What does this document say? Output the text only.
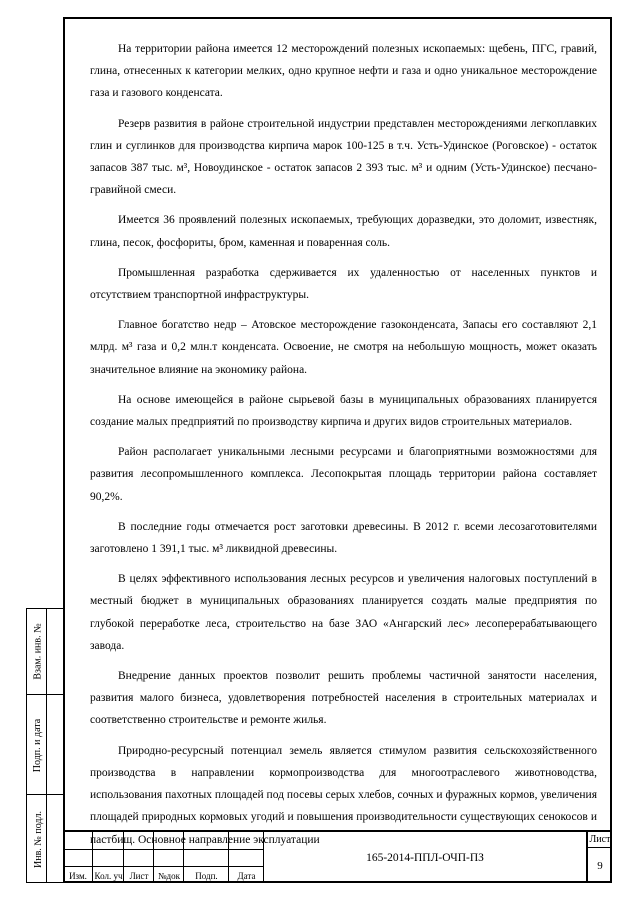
На территории района имеется 12 месторождений полезных ископаемых: щебень, ПГС, гравий, глина, отнесенных к категории мелких, одно крупное нефти и газа и одно уникальное месторождение газа и газового конденсата.

Резерв развития в районе строительной индустрии представлен месторождениями легкоплавких глин и суглинков для производства кирпича марок 100-125 в т.ч. Усть-Удинское (Роговское) - остаток запасов 387 тыс. м³, Новоудинское - остаток запасов 2 393 тыс. м³ и одним (Усть-Удинское) песчано-гравийной смеси.

Имеется 36 проявлений полезных ископаемых, требующих доразведки, это доломит, известняк, глина, песок, фосфориты, бром, каменная и поваренная соль.

Промышленная разработка сдерживается их удаленностью от населенных пунктов и отсутствием транспортной инфраструктуры.

Главное богатство недр – Атовское месторождение газоконденсата, Запасы его составляют 2,1 млрд. м³ газа и 0,2 млн.т конденсата. Освоение, не смотря на небольшую мощность, может оказать значительное влияние на экономику района.

На основе имеющейся в районе сырьевой базы в муниципальных образованиях планируется создание малых предприятий по производству кирпича и других видов строительных материалов.

Район располагает уникальными лесными ресурсами и благоприятными возможностями для развития лесопромышленного комплекса. Лесопокрытая площадь территории района составляет 90,2%.

В последние годы отмечается рост заготовки древесины. В 2012 г. всеми лесозаготовителями заготовлено 1 391,1 тыс. м³ ликвидной древесины.

В целях эффективного использования лесных ресурсов и увеличения налоговых поступлений в местный бюджет в муниципальных образованиях планируется создать малые предприятия по глубокой переработке леса, строительство на базе ЗАО «Ангарский лес» лесоперерабатывающего завода.

Внедрение данных проектов позволит решить проблемы частичной занятости населения, развития малого бизнеса, удовлетворения потребностей населения в строительных материалах и соответственно строительстве и ремонте жилья.

Природно-ресурсный потенциал земель является стимулом развития сельскохозяйственного производства в направлении кормопроизводства для многоотраслевого животноводства, использования пахотных площадей под посевы серых хлебов, сочных и фуражных кормов, увеличения площадей природных кормовых угодий и повышения производительности существующих сенокосов и пастбищ. Основное направление эксплуатации

Взам. инв. №
Подп. и дата
Инв. № подл.
Изм. Кол. уч Лист	№док	Подп.	Дата
165-2014-ППЛ-ОЧП-ПЗ
Лист
9
